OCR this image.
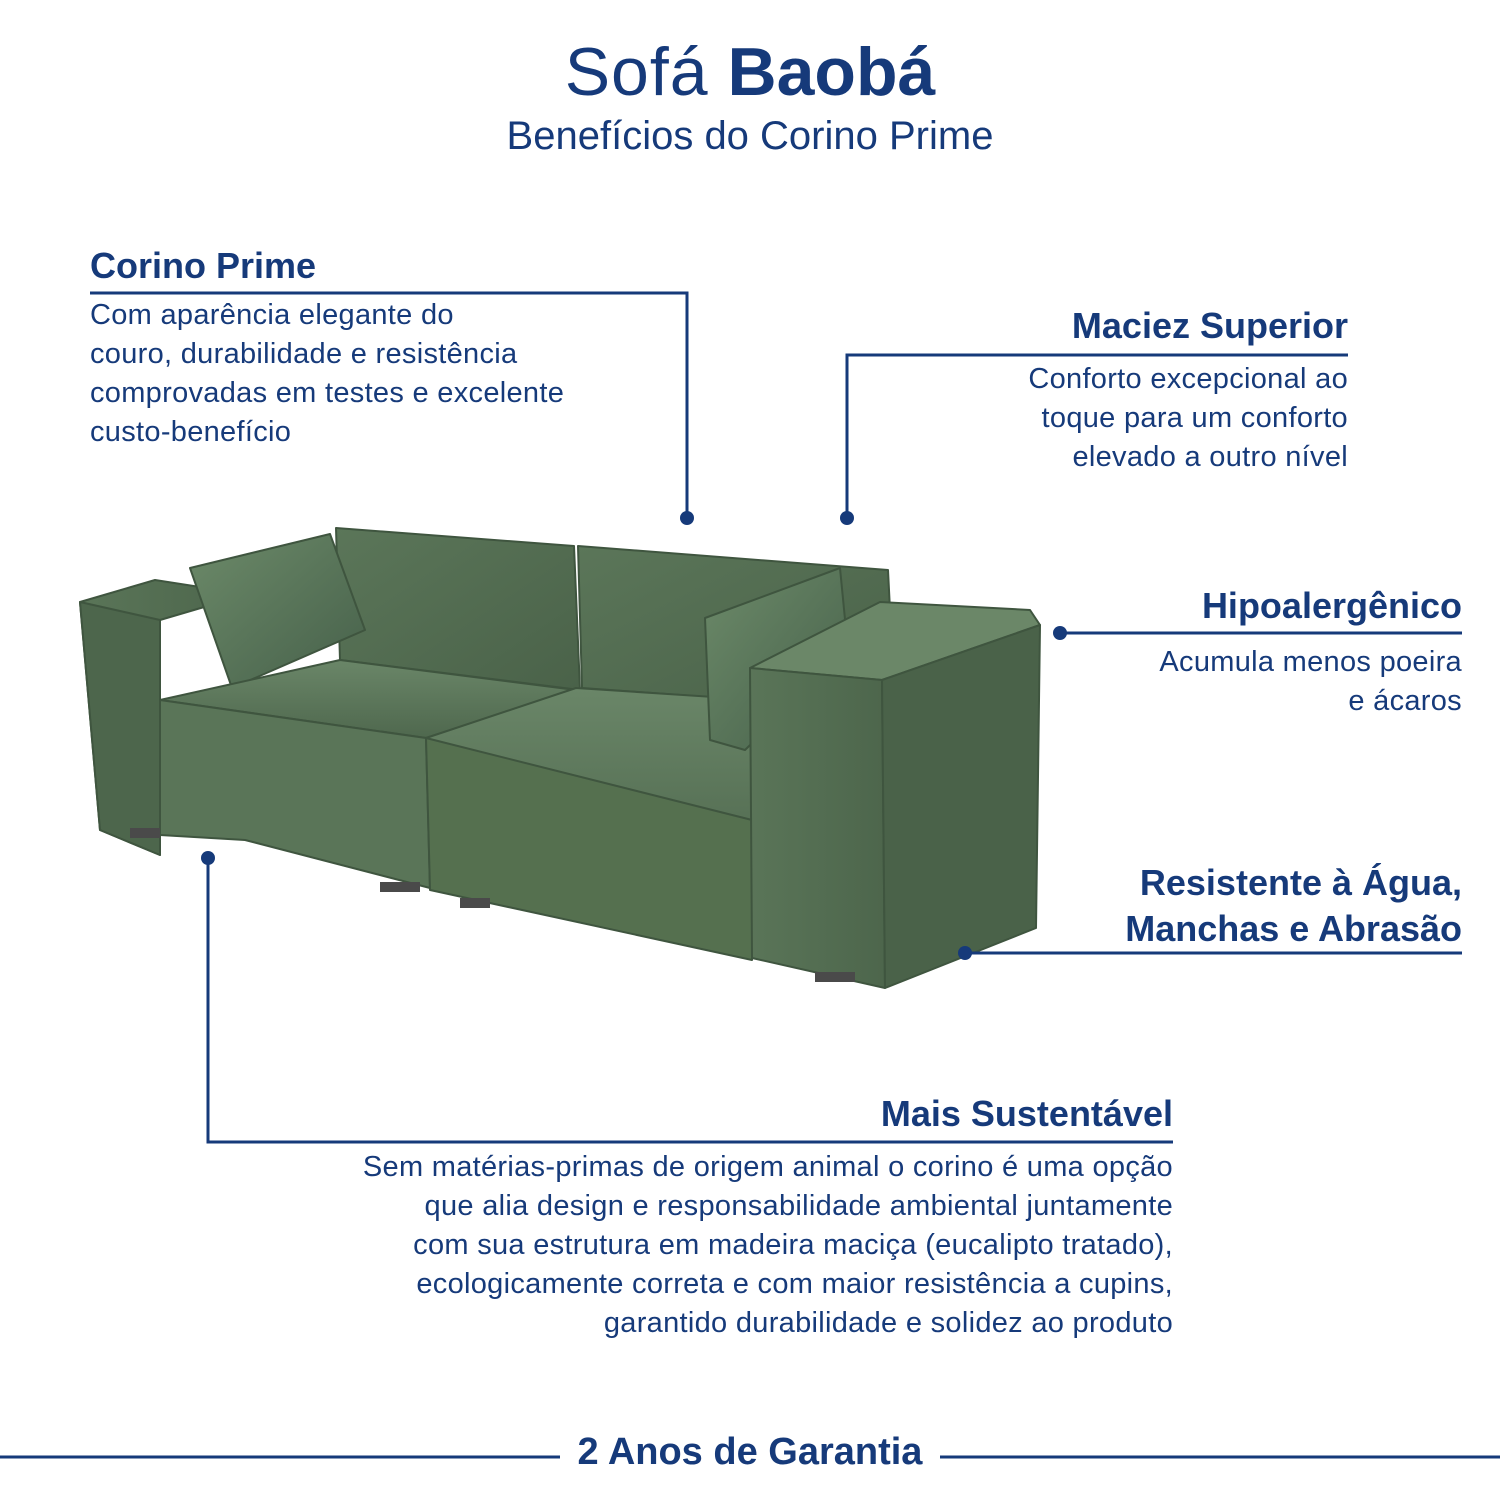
Sofá Baobá
Benefícios do Corino Prime
Corino Prime
Com aparência elegante do
couro, durabilidade e resistência
comprovadas em testes e excelente
custo-benefício
Maciez Superior
Conforto excepcional ao
toque para um conforto
elevado a outro nível
Hipoalergênico
Acumula menos poeira
e ácaros
Resistente à Água,
Manchas e Abrasão
Mais Sustentável
Sem matérias-primas de origem animal o corino é uma opção
que alia design e responsabilidade ambiental juntamente
com sua estrutura em madeira maciça (eucalipto tratado),
ecologicamente correta e com maior resistência a cupins,
garantido durabilidade e solidez ao produto
2 Anos de Garantia
